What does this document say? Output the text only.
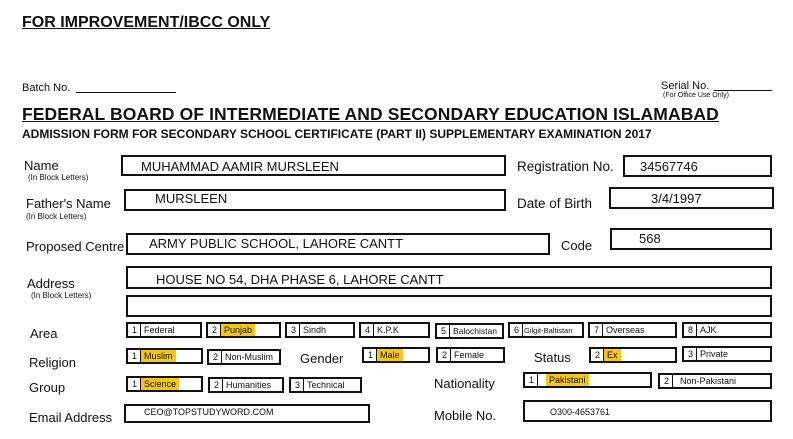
FOR IMPROVEMENT/IBCC ONLY
Batch No.	Serial No.
(For Office Use Only)
FEDERAL BOARD OF INTERMEDIATE AND SECONDARY EDUCATION ISLAMABAD
ADMISSION FORM FOR SECONDARY SCHOOL CERTIFICATE (PART II) SUPPLEMENTARY EXAMINATION 2017
Name
(In Block Letters)
MUHAMMAD AAMIR MURSLEEN	Registration No. 34567746
Father's Name
(In Block Letters)
MURSLEEN	Date of Birth	3/4/1997
Proposed Centre ARMY PUBLIC SCHOOL, LAHORE CANTT	Code	568
Address
(In Block Letters)
HOUSE NO 54, DHA PHASE 6, LAHORE CANTT
Area	1 Federal	2 Punjab	3 Sindh	4 K.P.K	5 Balochistan	6 Gilgit-Baltistan	7 Overseas	8 AJK
Religion	1 Muslim	2 Non-Muslim	Gender	1 Male	2 Female	Status	2 Ex	3 Private
Group	1 Science	2 Humanities	3 Technical	Nationality	1 Pakistani	2 Non-Pakistani
Email Address	CEO@TOPSTUDYWORD.COM	Mobile No.	O300-4653761
